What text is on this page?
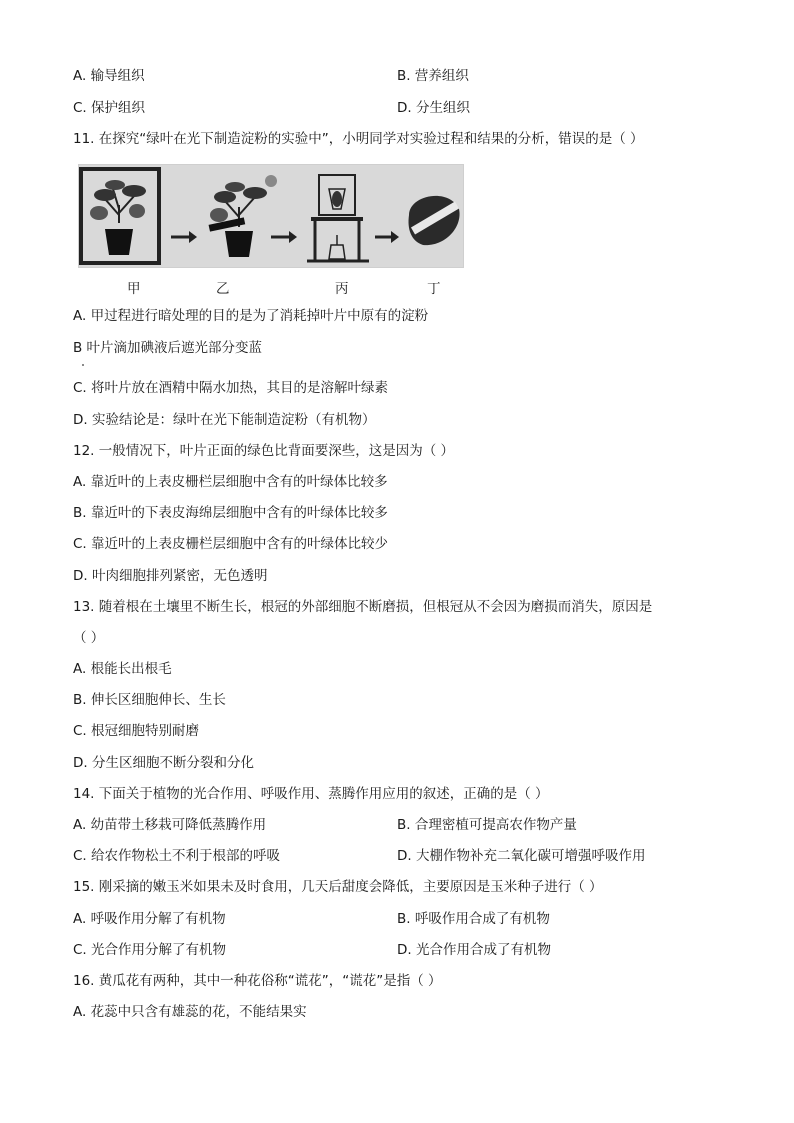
A. 输导组织	B. 营养组织
C. 保护组织	D. 分生组织
11. 在探究“绿叶在光下制造淀粉的实验中”，小明同学对实验过程和结果的分析，错误的是（ ）
甲	乙	丙	丁
A. 甲过程进行暗处理的目的是为了消耗掉叶片中原有的淀粉
B 叶片滴加碘液后遮光部分变蓝
C. 将叶片放在酒精中隔水加热，其目的是溶解叶绿素
D. 实验结论是：绿叶在光下能制造淀粉（有机物）
12. 一般情况下，叶片正面的绿色比背面要深些，这是因为（ ）
A. 靠近叶的上表皮栅栏层细胞中含有的叶绿体比较多
B. 靠近叶的下表皮海绵层细胞中含有的叶绿体比较多
C. 靠近叶的上表皮栅栏层细胞中含有的叶绿体比较少
D. 叶肉细胞排列紧密，无色透明
13. 随着根在土壤里不断生长，根冠的外部细胞不断磨损，但根冠从不会因为磨损而消失，原因是
（ ）
A. 根能长出根毛
B. 伸长区细胞伸长、生长
C. 根冠细胞特别耐磨
D. 分生区细胞不断分裂和分化
14. 下面关于植物的光合作用、呼吸作用、蒸腾作用应用的叙述，正确的是（ ）
A. 幼苗带土移栽可降低蒸腾作用	B. 合理密植可提高农作物产量
C. 给农作物松土不利于根部的呼吸	D. 大棚作物补充二氧化碳可增强呼吸作用
15. 刚采摘的嫩玉米如果未及时食用，几天后甜度会降低，主要原因是玉米种子进行（ ）
A. 呼吸作用分解了有机物	B. 呼吸作用合成了有机物
C. 光合作用分解了有机物	D. 光合作用合成了有机物
16. 黄瓜花有两种，其中一种花俗称“谎花”，“谎花”是指（ ）
A. 花蕊中只含有雄蕊的花，不能结果实
